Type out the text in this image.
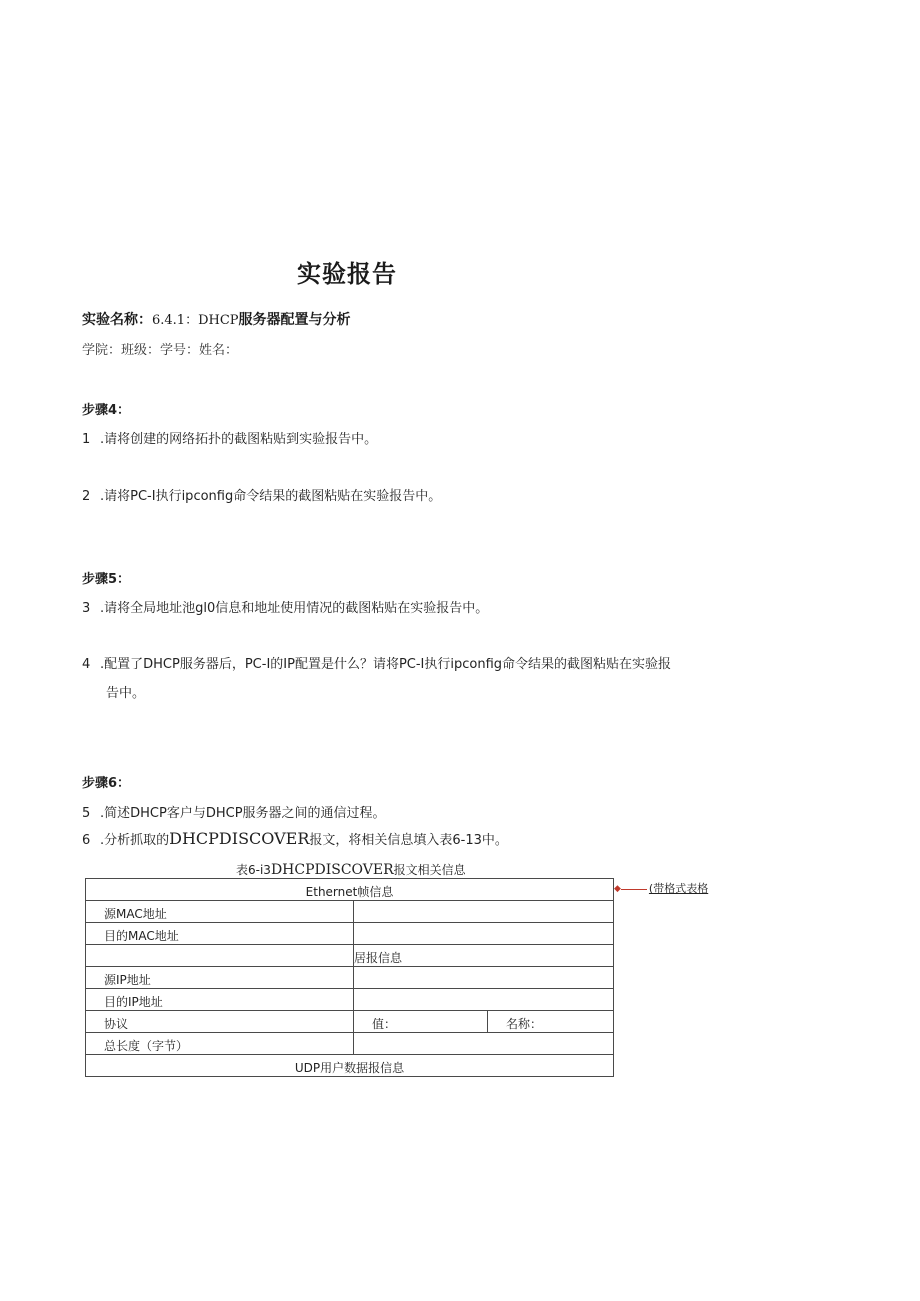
实验报告
实验名称：6.4.1：DHCP服务器配置与分析
学院：班级：学号：姓名：
步骤4：
1 .请将创建的网络拓扑的截图粘贴到实验报告中。
2 .请将PC-I执行ipconfig命令结果的截图粘贴在实验报告中。
步骤5：
3 .请将全局地址池gl0信息和地址使用情况的截图粘贴在实验报告中。
4 .配置了DHCP服务器后，PC-I的IP配置是什么？请将PC-I执行ipconfig命令结果的截图粘贴在实验报
告中。
步骤6：
5 .简述DHCP客户与DHCP服务器之间的通信过程。
6 .分析抓取的DHCPDISCOVER报文，将相关信息填入表6-13中。
表6-i3DHCPDISCOVER报文相关信息
Ethernet帧信息		
源MAC地址		
目的MAC地址		
	居报信息	
源IP地址		
目的IP地址		
协议	值：	名称：
总长度（字节）		
UDP用户数据报信息		
◆	(带格式表格
